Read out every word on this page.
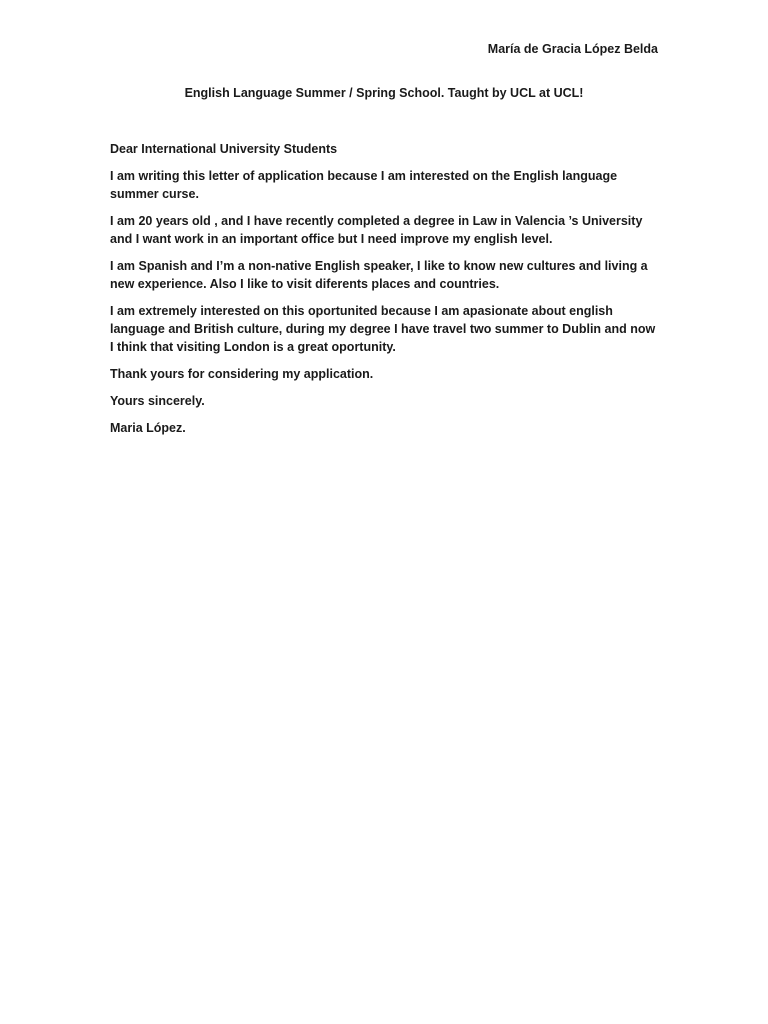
María de Gracia López Belda
English Language Summer / Spring School. Taught by UCL at UCL!

Dear International University Students

I am writing this letter of application because I am interested on the English language summer curse.

I am 20 years old , and I have recently completed a degree in Law in Valencia ’s University and I want work in an important office but I need improve my english level.

I am Spanish and I’m a non-native English speaker, I like to know new cultures and living a new experience. Also I like to visit diferents places and countries.

I am extremely interested on this oportunited because I am apasionate about english language and British culture, during my degree I have travel two summer to Dublin and now I think that visiting London is a great oportunity.

Thank yours for considering my application.

Yours sincerely.

Maria López.
